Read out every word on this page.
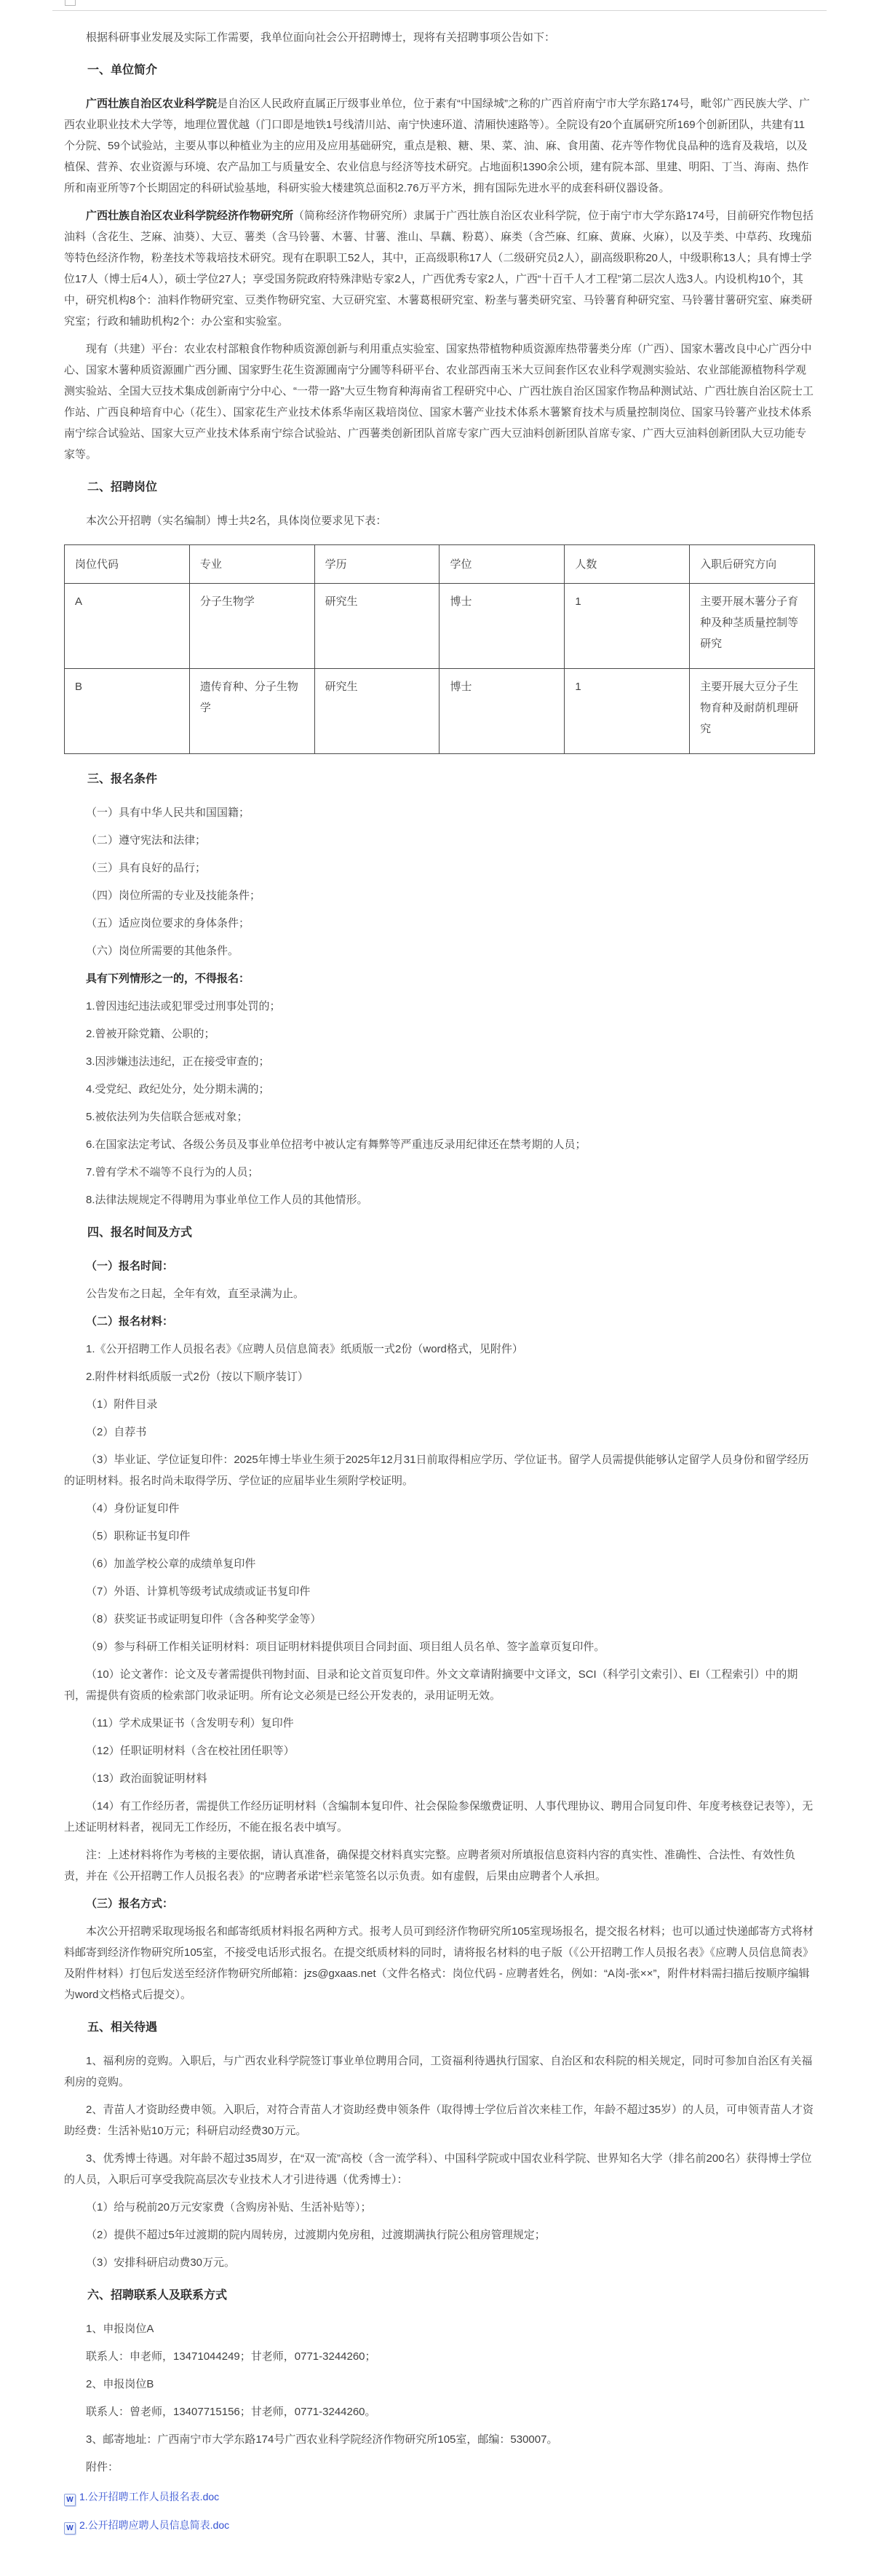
根据科研事业发展及实际工作需要，我单位面向社会公开招聘博士，现将有关招聘事项公告如下：

一、单位简介

广西壮族自治区农业科学院是自治区人民政府直属正厅级事业单位，位于素有“中国绿城”之称的广西首府南宁市大学东路174号，毗邻广西民族大学、广西农业职业技术大学等，地理位置优越（门口即是地铁1号线清川站、南宁快速环道、清厢快速路等）。全院设有20个直属研究所169个创新团队，共建有11个分院、59个试验站，主要从事以种植业为主的应用及应用基础研究，重点是粮、糖、果、菜、油、麻、食用菌、花卉等作物优良品种的选育及栽培，以及植保、营养、农业资源与环境、农产品加工与质量安全、农业信息与经济等技术研究。占地面积1390余公顷，建有院本部、里建、明阳、丁当、海南、热作所和南亚所等7个长期固定的科研试验基地，科研实验大楼建筑总面积2.76万平方米，拥有国际先进水平的成套科研仪器设备。

广西壮族自治区农业科学院经济作物研究所（简称经济作物研究所）隶属于广西壮族自治区农业科学院，位于南宁市大学东路174号，目前研究作物包括油料（含花生、芝麻、油葵）、大豆、薯类（含马铃薯、木薯、甘薯、淮山、旱藕、粉葛）、麻类（含苎麻、红麻、黄麻、火麻），以及芋类、中草药、玫瑰茄等特色经济作物，粉垄技术等栽培技术研究。现有在职职工52人，其中，正高级职称17人（二级研究员2人），副高级职称20人，中级职称13人；具有博士学位17人（博士后4人），硕士学位27人；享受国务院政府特殊津贴专家2人，广西优秀专家2人，广西“十百千人才工程”第二层次人选3人。内设机构10个，其中，研究机构8个：油料作物研究室、豆类作物研究室、大豆研究室、木薯葛根研究室、粉垄与薯类研究室、马铃薯育种研究室、马铃薯甘薯研究室、麻类研究室；行政和辅助机构2个：办公室和实验室。

现有（共建）平台：农业农村部粮食作物种质资源创新与利用重点实验室、国家热带植物种质资源库热带薯类分库（广西）、国家木薯改良中心广西分中心、国家木薯种质资源圃广西分圃、国家野生花生资源圃南宁分圃等科研平台、农业部西南玉米大豆间套作区农业科学观测实验站、农业部能源植物科学观测实验站、全国大豆技术集成创新南宁分中心、“一带一路”大豆生物育种海南省工程研究中心、广西壮族自治区国家作物品种测试站、广西壮族自治区院士工作站、广西良种培育中心（花生）、国家花生产业技术体系华南区栽培岗位、国家木薯产业技术体系木薯繁育技术与质量控制岗位、国家马铃薯产业技术体系南宁综合试验站、国家大豆产业技术体系南宁综合试验站、广西薯类创新团队首席专家广西大豆油料创新团队首席专家、广西大豆油料创新团队大豆功能专家等。

二、招聘岗位

本次公开招聘（实名编制）博士共2名，具体岗位要求见下表：

岗位代码	专业	学历	学位	人数	入职后研究方向
A	分子生物学	研究生	博士	1	主要开展木薯分子育种及种茎质量控制等研究
B	遗传育种、分子生物学	研究生	博士	1	主要开展大豆分子生物育种及耐荫机理研究
三、报名条件

（一）具有中华人民共和国国籍；

（二）遵守宪法和法律；

（三）具有良好的品行；

（四）岗位所需的专业及技能条件；

（五）适应岗位要求的身体条件；

（六）岗位所需要的其他条件。

具有下列情形之一的，不得报名：

1.曾因违纪违法或犯罪受过刑事处罚的；

2.曾被开除党籍、公职的；

3.因涉嫌违法违纪，正在接受审查的；

4.受党纪、政纪处分，处分期未满的；

5.被依法列为失信联合惩戒对象；

6.在国家法定考试、各级公务员及事业单位招考中被认定有舞弊等严重违反录用纪律还在禁考期的人员；

7.曾有学术不端等不良行为的人员；

8.法律法规规定不得聘用为事业单位工作人员的其他情形。

四、报名时间及方式

（一）报名时间：

公告发布之日起，全年有效，直至录满为止。

（二）报名材料：

1.《公开招聘工作人员报名表》《应聘人员信息简表》纸质版一式2份（word格式，见附件）

2.附件材料纸质版一式2份（按以下顺序装订）

（1）附件目录

（2）自荐书

（3）毕业证、学位证复印件：2025年博士毕业生须于2025年12月31日前取得相应学历、学位证书。留学人员需提供能够认定留学人员身份和留学经历的证明材料。报名时尚未取得学历、学位证的应届毕业生须附学校证明。

（4）身份证复印件

（5）职称证书复印件

（6）加盖学校公章的成绩单复印件

（7）外语、计算机等级考试成绩或证书复印件

（8）获奖证书或证明复印件（含各种奖学金等）

（9）参与科研工作相关证明材料：项目证明材料提供项目合同封面、项目组人员名单、签字盖章页复印件。

（10）论文著作：论文及专著需提供刊物封面、目录和论文首页复印件。外文文章请附摘要中文译文，SCI（科学引文索引）、EI（工程索引）中的期刊，需提供有资质的检索部门收录证明。所有论文必须是已经公开发表的，录用证明无效。

（11）学术成果证书（含发明专利）复印件

（12）任职证明材料（含在校社团任职等）

（13）政治面貌证明材料

（14）有工作经历者，需提供工作经历证明材料（含编制本复印件、社会保险参保缴费证明、人事代理协议、聘用合同复印件、年度考核登记表等），无上述证明材料者，视同无工作经历，不能在报名表中填写。

注：上述材料将作为考核的主要依据，请认真准备，确保提交材料真实完整。应聘者须对所填报信息资料内容的真实性、准确性、合法性、有效性负责，并在《公开招聘工作人员报名表》的“应聘者承诺”栏亲笔签名以示负责。如有虚假，后果由应聘者个人承担。

（三）报名方式：

本次公开招聘采取现场报名和邮寄纸质材料报名两种方式。报考人员可到经济作物研究所105室现场报名，提交报名材料；也可以通过快递邮寄方式将材料邮寄到经济作物研究所105室，不接受电话形式报名。在提交纸质材料的同时，请将报名材料的电子版（《公开招聘工作人员报名表》《应聘人员信息简表》及附件材料）打包后发送至经济作物研究所邮箱：jzs@gxaas.net（文件名格式：岗位代码 - 应聘者姓名，例如：“A岗-张××”，附件材料需扫描后按顺序编辑为word文档格式后提交）。

五、相关待遇

1、福利房的竞购。入职后，与广西农业科学院签订事业单位聘用合同，工资福利待遇执行国家、自治区和农科院的相关规定，同时可参加自治区有关福利房的竞购。

2、青苗人才资助经费申领。入职后，对符合青苗人才资助经费申领条件（取得博士学位后首次来桂工作，年龄不超过35岁）的人员，可申领青苗人才资助经费：生活补贴10万元；科研启动经费30万元。

3、优秀博士待遇。对年龄不超过35周岁，在“双一流”高校（含一流学科）、中国科学院或中国农业科学院、世界知名大学（排名前200名）获得博士学位的人员，入职后可享受我院高层次专业技术人才引进待遇（优秀博士）：

（1）给与税前20万元安家费（含购房补贴、生活补贴等）；

（2）提供不超过5年过渡期的院内周转房，过渡期内免房租，过渡期满执行院公租房管理规定；

（3）安排科研启动费30万元。

六、招聘联系人及联系方式

1、申报岗位A

联系人：申老师，13471044249；甘老师，0771-3244260；

2、申报岗位B

联系人：曾老师，13407715156；甘老师，0771-3244260。

3、邮寄地址：广西南宁市大学东路174号广西农业科学院经济作物研究所105室，邮编：530007。

附件：

W 1.公开招聘工作人员报名表.doc
W 2.公开招聘应聘人员信息简表.doc
